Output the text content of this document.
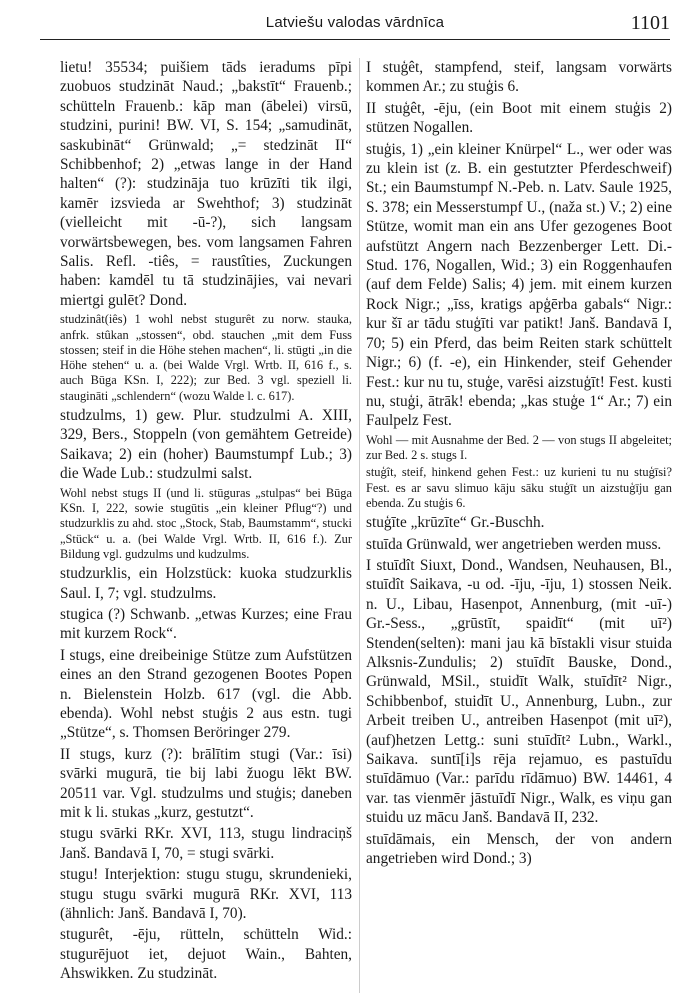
Latviešu valodas vārdnīca	1101

lietu! 35534; puišiem tāds ieradums pīpi zuobuos studzināt Naud.; „bakstīt“ Frauenb.; schütteln Frauenb.: kāp man (ābelei) virsū, studzini, purini! BW. VI, S. 154; „samudināt, saskubināt“ Grünwald; „= stedzināt II“ Schibbenhof; 2) „etwas lange in der Hand halten“ (?): studzināja tuo krūzīti tik ilgi, kamēr izsvieda ar Swehthof; 3) studzināt (vielleicht mit -ū-?), sich langsam vorwärtsbewegen, bes. vom langsamen Fahren Salis. Refl. -tiês, = raustîties, Zuckungen haben: kamdēl tu tā studzinājies, vai nevari miertgi gulēt? Dond.

studzinât(iês) 1 wohl nebst stugurêt zu norw. stauka, anfrk. stûkan „stossen“, obd. stauchen „mit dem Fuss stossen; steif in die Höhe stehen machen“, li. stūgti „in die Höhe stehen“ u. a. (bei Walde Vrgl. Wrtb. II, 616 f., s. auch Būga KSn. I, 222); zur Bed. 3 vgl. speziell li. staugināti „schlendern“ (wozu Walde l. c. 617).

studzulms, 1) gew. Plur. studzulmi A. XIII, 329, Bers., Stoppeln (von gemähtem Getreide) Saikava; 2) ein (hoher) Baumstumpf Lub.; 3) die Wade Lub.: studzulmi salst.

Wohl nebst stugs II (und li. stūguras „stulpas“ bei Būga KSn. I, 222, sowie stugūtis „ein kleiner Pflug“?) und studzurklis zu ahd. stoc „Stock, Stab, Baumstamm“, stucki „Stück“ u. a. (bei Walde Vrgl. Wrtb. II, 616 f.). Zur Bildung vgl. gudzulms und kudzulms.

studzurklis, ein Holzstück: kuoka studzurklis Saul. I, 7; vgl. studzulms.

stugica (?) Schwanb. „etwas Kurzes; eine Frau mit kurzem Rock“.

I stugs, eine dreibeinige Stütze zum Aufstützen eines an den Strand gezogenen Bootes Popen n. Bielenstein Holzb. 617 (vgl. die Abb. ebenda). Wohl nebst stuģis 2 aus estn. tugi „Stütze“, s. Thomsen Beröringer 279.

II stugs, kurz (?): brālītim stugi (Var.: īsi) svārki mugurā, tie bij labi žuogu lēkt BW. 20511 var. Vgl. studzulms und stuģis; daneben mit k li. stukas „kurz, gestutzt“.

stugu svārki RKr. XVI, 113, stugu lindraciņš Janš. Bandavā I, 70, = stugi svārki.

stugu! Interjektion: stugu stugu, skrundenieki, stugu stugu svārki mugurā RKr. XVI, 113 (ähnlich: Janš. Bandavā I, 70).

stugurêt, -ēju, rütteln, schütteln Wid.: stugurējuot iet, dejuot Wain., Bahten, Ahswikken. Zu studzināt.

I stuģêt, stampfend, steif, langsam vorwärts kommen Ar.; zu stuģis 6.

II stuģêt, -ēju, (ein Boot mit einem stuģis 2) stützen Nogallen.

stuģis, 1) „ein kleiner Knürpel“ L., wer oder was zu klein ist (z. B. ein gestutzter Pferdeschweif) St.; ein Baumstumpf N.-Peb. n. Latv. Saule 1925, S. 378; ein Messerstumpf U., (naža st.) V.; 2) eine Stütze, womit man ein ans Ufer gezogenes Boot aufstützt Angern nach Bezzenberger Lett. Di.-Stud. 176, Nogallen, Wid.; 3) ein Roggenhaufen (auf dem Felde) Salis; 4) jem. mit einem kurzen Rock Nigr.; „īss, kratigs apģērba gabals“ Nigr.: kur šī ar tādu stuģīti var patikt! Janš. Bandavā I, 70; 5) ein Pferd, das beim Reiten stark schüttelt Nigr.; 6) (f. -e), ein Hinkender, steif Gehender Fest.: kur nu tu, stuģe, varēsi aizstuģīt! Fest. kusti nu, stuģi, ātrāk! ebenda; „kas stuģe 1“ Ar.; 7) ein Faulpelz Fest.

Wohl — mit Ausnahme der Bed. 2 — von stugs II abgeleitet; zur Bed. 2 s. stugs I.

stuģît, steif, hinkend gehen Fest.: uz kurieni tu nu stuģīsi? Fest. es ar savu slimuo kāju sāku stuģīt un aizstuģīju gan ebenda. Zu stuģis 6.

stuģīte „krūzīte“ Gr.-Buschh.

stuīda Grünwald, wer angetrieben werden muss.

I stuīdît Siuxt, Dond., Wandsen, Neuhausen, Bl., stuīdît Saikava, -u od. -īju, -īju, 1) stossen Neik. n. U., Libau, Hasenpot, Annenburg, (mit -uī-) Gr.-Sess., „grūstīt, spaidīt“ (mit uī²) Stenden(selten): mani jau kā bīstakli visur stuida Alksnis-Zundulis; 2) stuīdīt Bauske, Dond., Grünwald, MSil., stuidīt Walk, stuīdīt² Nigr., Schibbenbof, stuidīt U., Annenburg, Lubn., zur Arbeit treiben U., antreiben Hasenpot (mit uī²), (auf)hetzen Lettg.: suni stuīdīt² Lubn., Warkl., Saikava. suntī[i]s rēja rejamuo, es pastuīdu stuīdāmuo (Var.: parīdu rīdāmuo) BW. 14461, 4 var. tas vienmēr jāstuīdī Nigr., Walk, es viņu gan stuidu uz mācu Janš. Bandavā II, 232.

stuīdāmais, ein Mensch, der von andern angetrieben wird Dond.; 3)
